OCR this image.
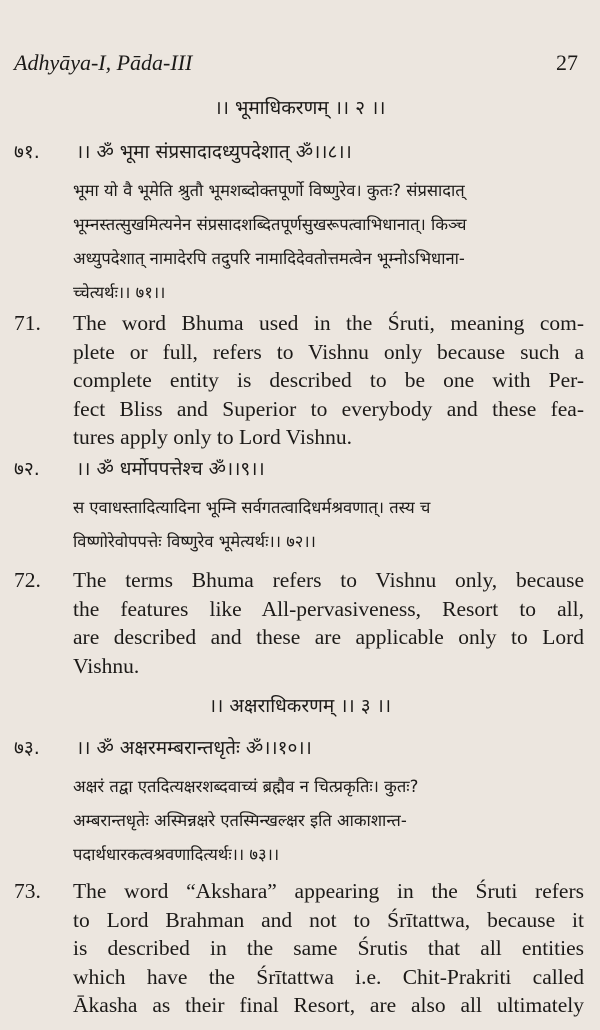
Adhyāya-I, Pāda-III	27
।। भूमाधिकरणम् ।। २ ।।
७१. ।। ॐ भूमा संप्रसादादध्युपदेशात् ॐ।।८।।
भूमा यो वै भूमेति श्रुतौ भूमशब्दोक्तपूर्णो विष्णुरेव। कुतः? संप्रसादात्
भूम्नस्तत्सुखमित्यनेन संप्रसादशब्दितपूर्णसुखरूपत्वाभिधानात्। किञ्च
अध्युपदेशात् नामादेरपि तदुपरि नामादिदेवतोत्तमत्वेन भूम्नोऽभिधाना-
च्चेत्यर्थः।। ७१।।
71. The word Bhuma used in the Śruti, meaning com-
plete or full, refers to Vishnu only because such a
complete entity is described to be one with Per-
fect Bliss and Superior to everybody and these fea-
tures apply only to Lord Vishnu.
७२. ।। ॐ धर्मोपपत्तेश्च ॐ।।९।।
स एवाधस्तादित्यादिना भूम्नि सर्वगतत्वादिधर्मश्रवणात्। तस्य च
विष्णोरेवोपपत्तेः विष्णुरेव भूमेत्यर्थः।। ७२।।
72. The terms Bhuma refers to Vishnu only, because
the features like All-pervasiveness, Resort to all,
are described and these are applicable only to Lord
Vishnu.
।। अक्षराधिकरणम् ।। ३ ।।
७३. ।। ॐ अक्षरमम्बरान्तधृतेः ॐ।।१०।।
अक्षरं तद्वा एतदित्यक्षरशब्दवाच्यं ब्रह्मैव न चित्प्रकृतिः। कुतः?
अम्बरान्तधृतेः अस्मिन्नक्षरे एतस्मिन्खल्क्षर इति आकाशान्त-
पदार्थधारकत्वश्रवणादित्यर्थः।। ७३।।
73. The word “Akshara” appearing in the Śruti refers
to Lord Brahman and not to Śrītattwa, because it
is described in the same Śrutis that all entities
which have the Śrītattwa i.e. Chit-Prakriti called
Ākasha as their final Resort, are also all ultimately
